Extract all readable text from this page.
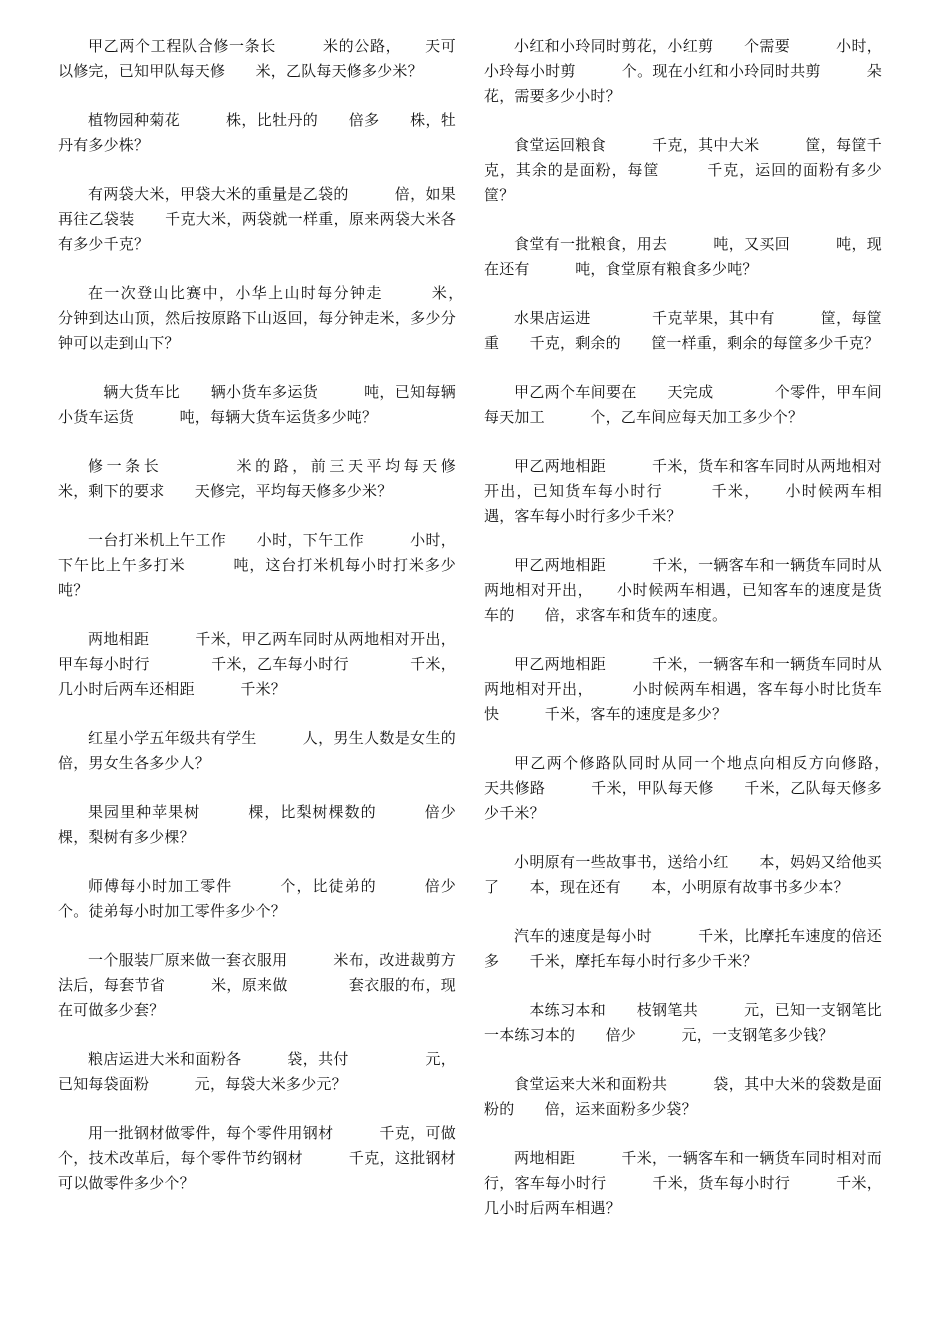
甲乙两个工程队合修一条长　　　米的公路，　　天可以修完，已知甲队每天修　　米，乙队每天修多少米？

植物园种菊花　　　株，比牡丹的　　倍多　　株，牡丹有多少株？

有两袋大米，甲袋大米的重量是乙袋的　　　倍，如果再往乙袋装　　千克大米，两袋就一样重，原来两袋大米各有多少千克？

在一次登山比赛中，小华上山时每分钟走　　　米，　分钟到达山顶，然后按原路下山返回，每分钟走米，多少分钟可以走到山下？

　辆大货车比　　辆小货车多运货　　　吨，已知每辆小货车运货　　　吨，每辆大货车运货多少吨？

修一条长　　　　米的路，前三天平均每天修　　　米，剩下的要求　　天修完，平均每天修多少米？

一台打米机上午工作　　小时，下午工作　　　小时，下午比上午多打米　　　吨，这台打米机每小时打米多少吨？

两地相距　　　千米，甲乙两车同时从两地相对开出，甲车每小时行　　　　千米，乙车每小时行　　　　千米，几小时后两车还相距　　　千米？

红星小学五年级共有学生　　　人，男生人数是女生的　　　倍，男女生各多少人？

果园里种苹果树　　　棵，比梨树棵数的　　　倍少棵，梨树有多少棵？

师傅每小时加工零件　　　个，比徒弟的　　　倍少个。徒弟每小时加工零件多少个？

一个服装厂原来做一套衣服用　　　米布，改进裁剪方法后，每套节省　　　米，原来做　　　　套衣服的布，现在可做多少套？

粮店运进大米和面粉各　　　袋，共付　　　　　元，已知每袋面粉　　　元，每袋大米多少元？

用一批钢材做零件，每个零件用钢材　　　千克，可做　　　个，技术改革后，每个零件节约钢材　　　千克，这批钢材可以做零件多少个？

小红和小玲同时剪花，小红剪　　个需要　　　小时，小玲每小时剪　　　个。现在小红和小玲同时共剪　　　朵花，需要多少小时？

食堂运回粮食　　　千克，其中大米　　　筐，每筐千克，其余的是面粉，每筐　　　千克，运回的面粉有多少筐？

食堂有一批粮食，用去　　　吨，又买回　　　吨，现在还有　　　吨，食堂原有粮食多少吨？

水果店运进　　　　千克苹果，其中有　　　筐，每筐重　　千克，剩余的　　筐一样重，剩余的每筐多少千克？

甲乙两个车间要在　　天完成　　　　个零件，甲车间每天加工　　　个，乙车间应每天加工多少个？

甲乙两地相距　　　千米，货车和客车同时从两地相对开出，已知货车每小时行　　　千米，　　小时候两车相遇，客车每小时行多少千米？

甲乙两地相距　　　千米，一辆客车和一辆货车同时从两地相对开出，　　小时候两车相遇，已知客车的速度是货车的　　倍，求客车和货车的速度。

甲乙两地相距　　　千米，一辆客车和一辆货车同时从两地相对开出，　　　小时候两车相遇，客车每小时比货车快　　　千米，客车的速度是多少？

甲乙两个修路队同时从同一个地点向相反方向修路，　　天共修路　　　千米，甲队每天修　　千米，乙队每天修多少千米？

小明原有一些故事书，送给小红　　本，妈妈又给他买了　　本，现在还有　　本，小明原有故事书多少本？

汽车的速度是每小时　　　千米，比摩托车速度的倍还多　　千米，摩托车每小时行多少千米？

　本练习本和　　枝钢笔共　　　元，已知一支钢笔比一本练习本的　　倍少　　　元，一支钢笔多少钱？

食堂运来大米和面粉共　　　袋，其中大米的袋数是面粉的　　倍，运来面粉多少袋？

两地相距　　　千米，一辆客车和一辆货车同时相对而行，客车每小时行　　　千米，货车每小时行　　　千米，几小时后两车相遇？
